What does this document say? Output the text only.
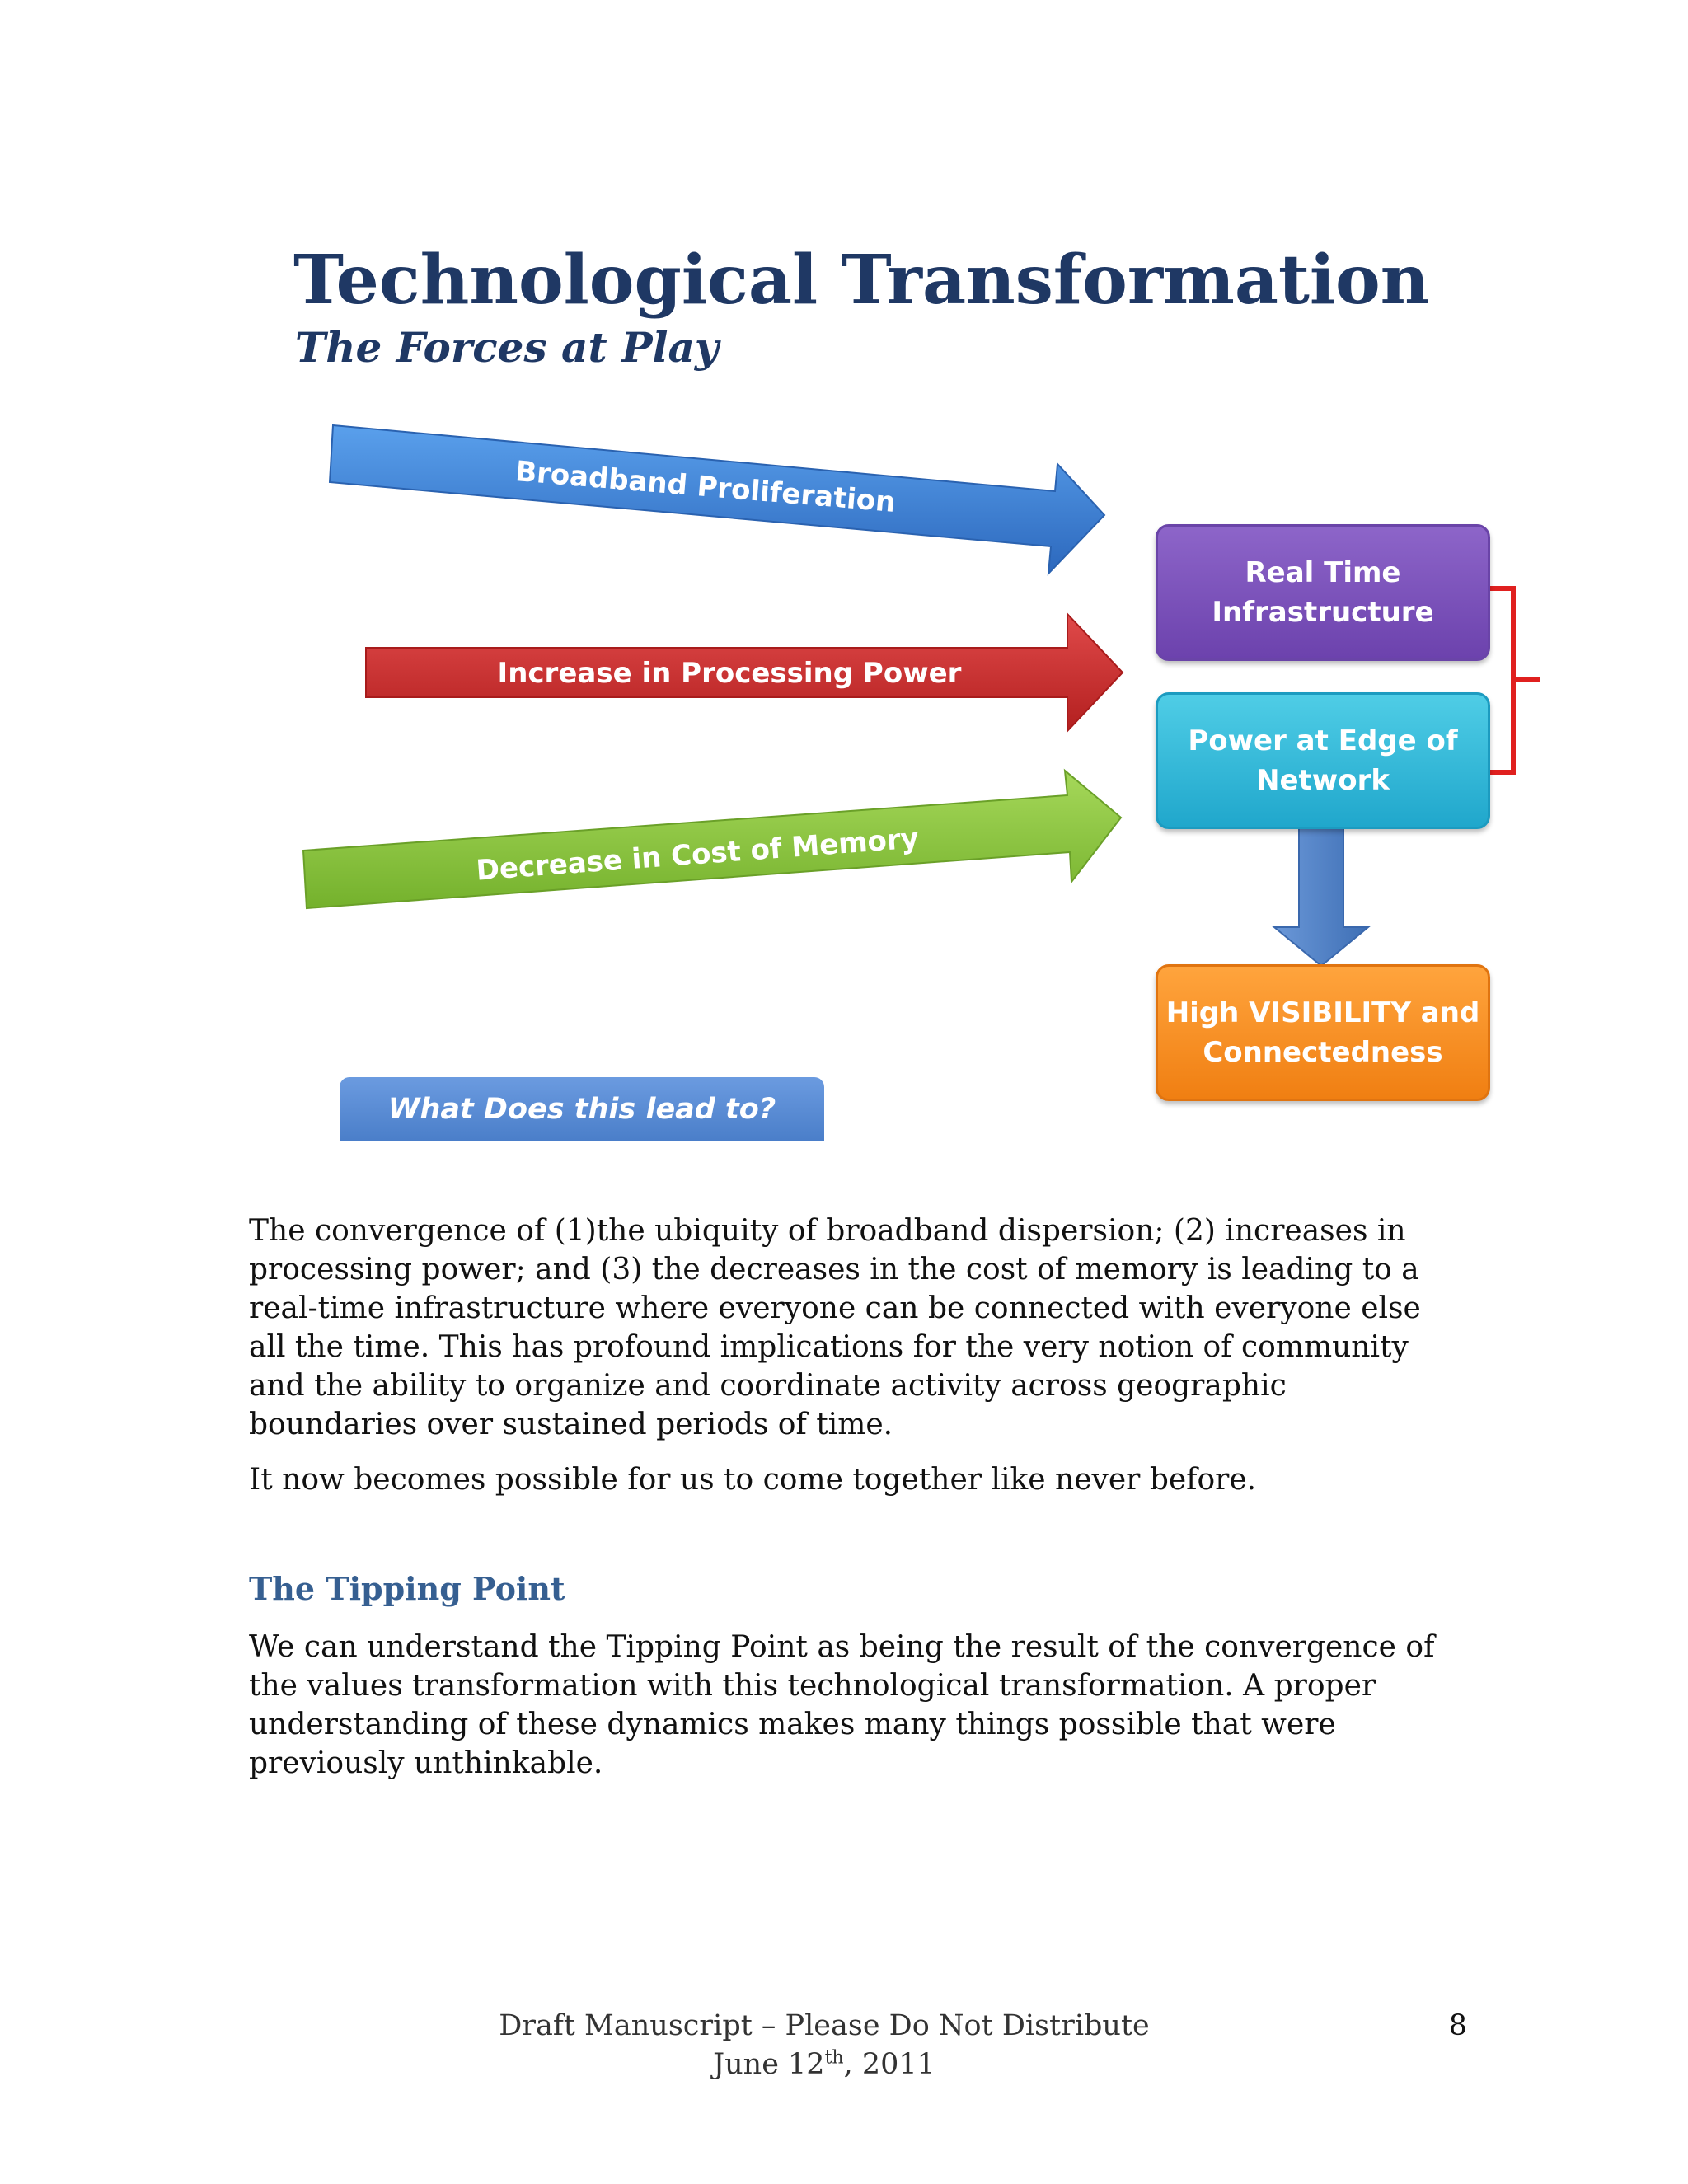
Broadband Proliferation
Increase in Processing Power
Decrease in Cost of Memory
Technological Transformation
The Forces at Play
Real Time
Infrastructure
Power at Edge of
Network
High VISIBILITY and
Connectedness
What Does this lead to?

The convergence of (1)the ubiquity of broadband dispersion; (2) increases in processing power; and (3) the decreases in the cost of memory is leading to a real-time infrastructure where everyone can be connected with everyone else all the time. This has profound implications for the very notion of community and the ability to organize and coordinate activity across geographic boundaries over sustained periods of time.

It now becomes possible for us to come together like never before.

The Tipping Point

We can understand the Tipping Point as being the result of the convergence of the values transformation with this technological transformation. A proper understanding of these dynamics makes many things possible that were previously unthinkable.

Draft Manuscript – Please Do Not Distribute
June 12th, 2011
8
